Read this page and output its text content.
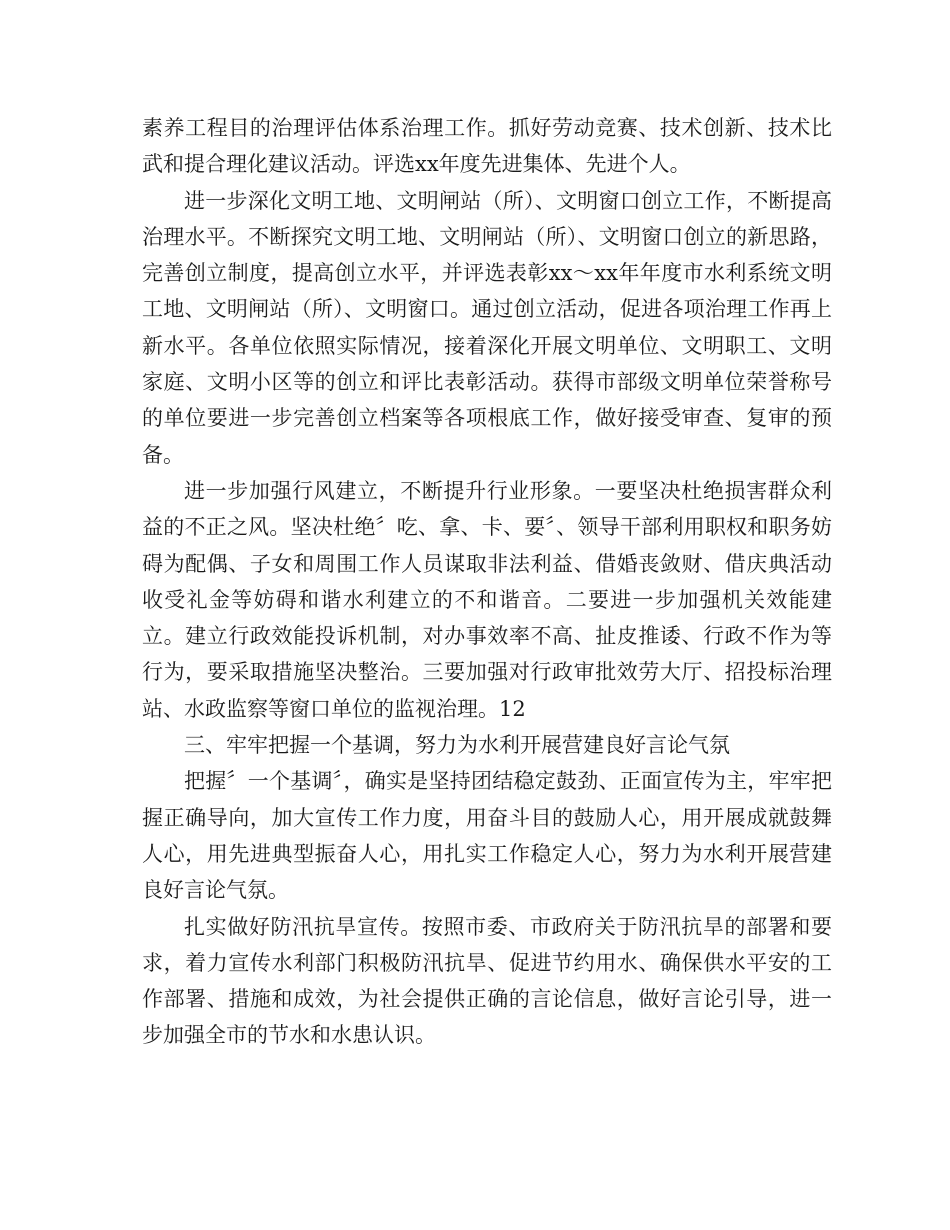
素养工程目的治理评估体系治理工作。抓好劳动竞赛、技术创新、技术比武和提合理化建议活动。评选xx年度先进集体、先进个人。

进一步深化文明工地、文明闸站（所）、文明窗口创立工作，不断提高治理水平。不断探究文明工地、文明闸站（所）、文明窗口创立的新思路，完善创立制度，提高创立水平，并评选表彰xx～xx年年度市水利系统文明工地、文明闸站（所）、文明窗口。通过创立活动，促进各项治理工作再上新水平。各单位依照实际情况，接着深化开展文明单位、文明职工、文明家庭、文明小区等的创立和评比表彰活动。获得市部级文明单位荣誉称号的单位要进一步完善创立档案等各项根底工作，做好接受审查、复审的预备。

进一步加强行风建立，不断提升行业形象。一要坚决杜绝损害群众利益的不正之风。坚决杜绝〞吃、拿、卡、要〞、领导干部利用职权和职务妨碍为配偶、子女和周围工作人员谋取非法利益、借婚丧敛财、借庆典活动收受礼金等妨碍和谐水利建立的不和谐音。二要进一步加强机关效能建立。建立行政效能投诉机制，对办事效率不高、扯皮推诿、行政不作为等行为，要采取措施坚决整治。三要加强对行政审批效劳大厅、招投标治理站、水政监察等窗口单位的监视治理。12

三、牢牢把握一个基调，努力为水利开展营建良好言论气氛

把握〞一个基调〞，确实是坚持团结稳定鼓劲、正面宣传为主，牢牢把握正确导向，加大宣传工作力度，用奋斗目的鼓励人心，用开展成就鼓舞人心，用先进典型振奋人心，用扎实工作稳定人心，努力为水利开展营建良好言论气氛。

扎实做好防汛抗旱宣传。按照市委、市政府关于防汛抗旱的部署和要求，着力宣传水利部门积极防汛抗旱、促进节约用水、确保供水平安的工作部署、措施和成效，为社会提供正确的言论信息，做好言论引导，进一步加强全市的节水和水患认识。
